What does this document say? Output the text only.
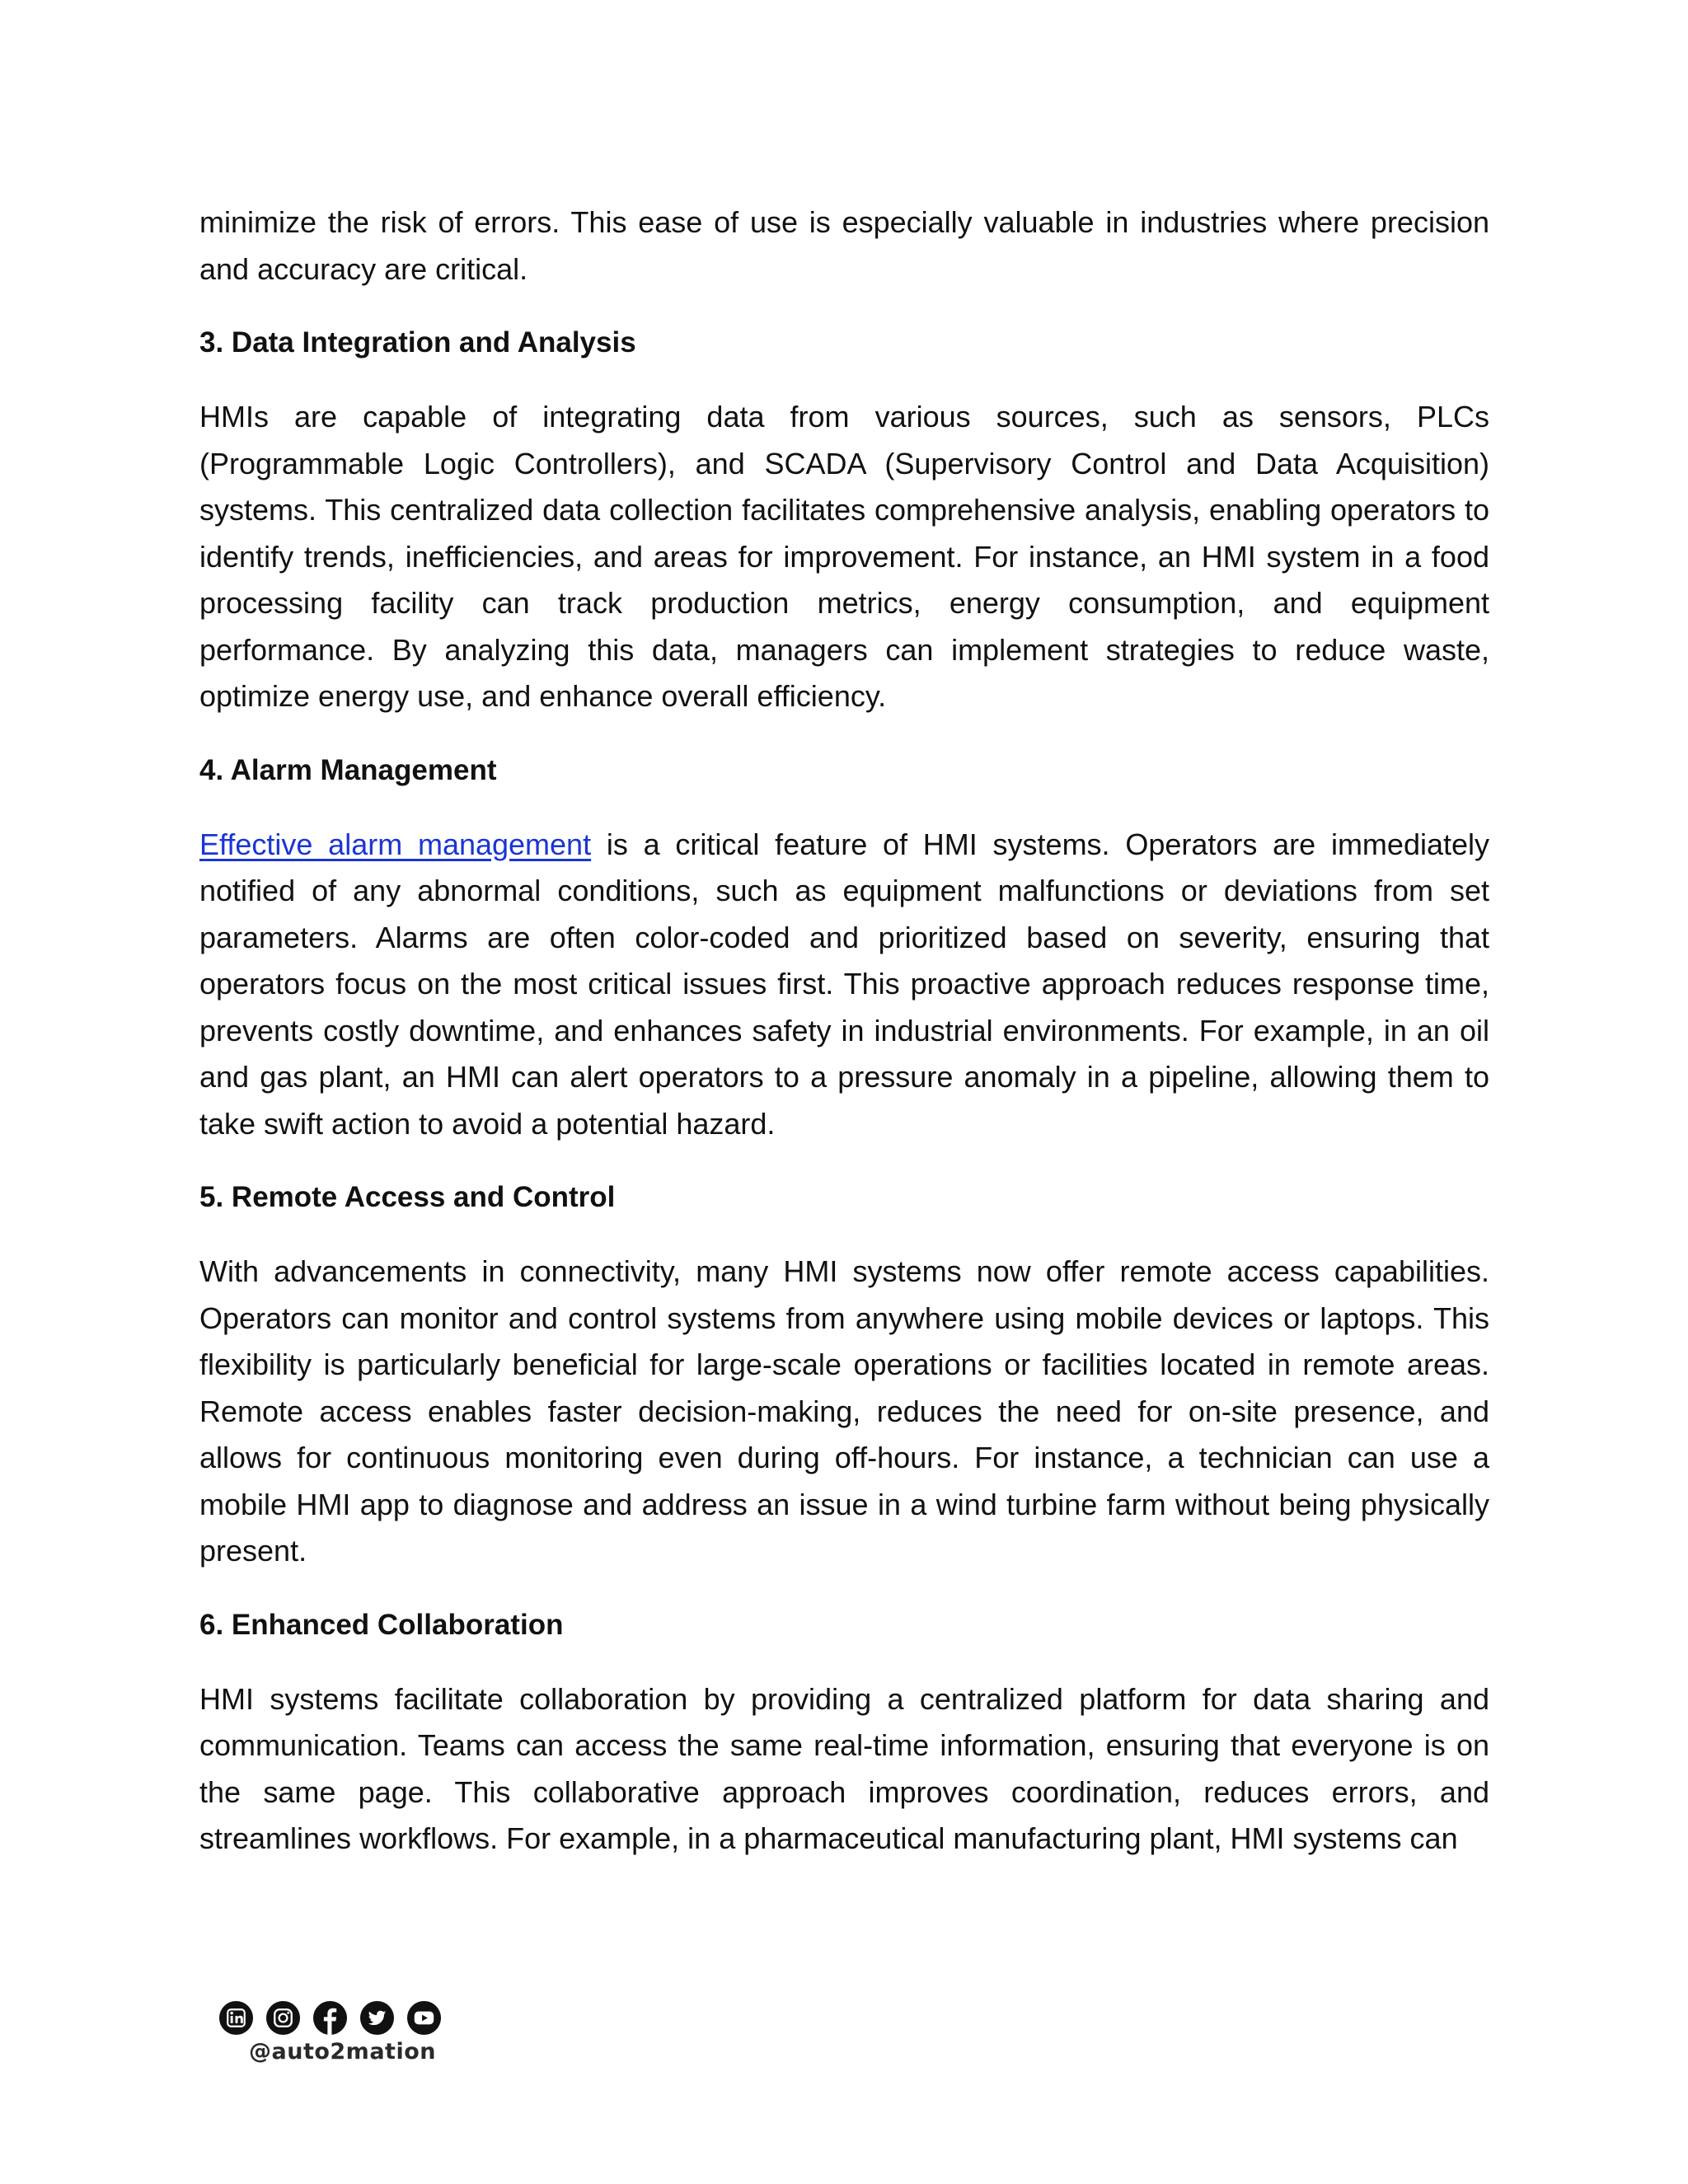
minimize the risk of errors. This ease of use is especially valuable in industries where precision and accuracy are critical.

3. Data Integration and Analysis

HMIs are capable of integrating data from various sources, such as sensors, PLCs (Programmable Logic Controllers), and SCADA (Supervisory Control and Data Acquisition) systems. This centralized data collection facilitates comprehensive analysis, enabling operators to identify trends, inefficiencies, and areas for improvement. For instance, an HMI system in a food processing facility can track production metrics, energy consumption, and equipment performance. By analyzing this data, managers can implement strategies to reduce waste, optimize energy use, and enhance overall efficiency.

4. Alarm Management

Effective alarm management is a critical feature of HMI systems. Operators are immediately notified of any abnormal conditions, such as equipment malfunctions or deviations from set parameters. Alarms are often color-coded and prioritized based on severity, ensuring that operators focus on the most critical issues first. This proactive approach reduces response time, prevents costly downtime, and enhances safety in industrial environments. For example, in an oil and gas plant, an HMI can alert operators to a pressure anomaly in a pipeline, allowing them to take swift action to avoid a potential hazard.

5. Remote Access and Control

With advancements in connectivity, many HMI systems now offer remote access capabilities. Operators can monitor and control systems from anywhere using mobile devices or laptops. This flexibility is particularly beneficial for large-scale operations or facilities located in remote areas. Remote access enables faster decision-making, reduces the need for on-site presence, and allows for continuous monitoring even during off-hours. For instance, a technician can use a mobile HMI app to diagnose and address an issue in a wind turbine farm without being physically present.

6. Enhanced Collaboration

HMI systems facilitate collaboration by providing a centralized platform for data sharing and communication. Teams can access the same real-time information, ensuring that everyone is on the same page. This collaborative approach improves coordination, reduces errors, and streamlines workflows. For example, in a pharmaceutical manufacturing plant, HMI systems can

@auto2mation
